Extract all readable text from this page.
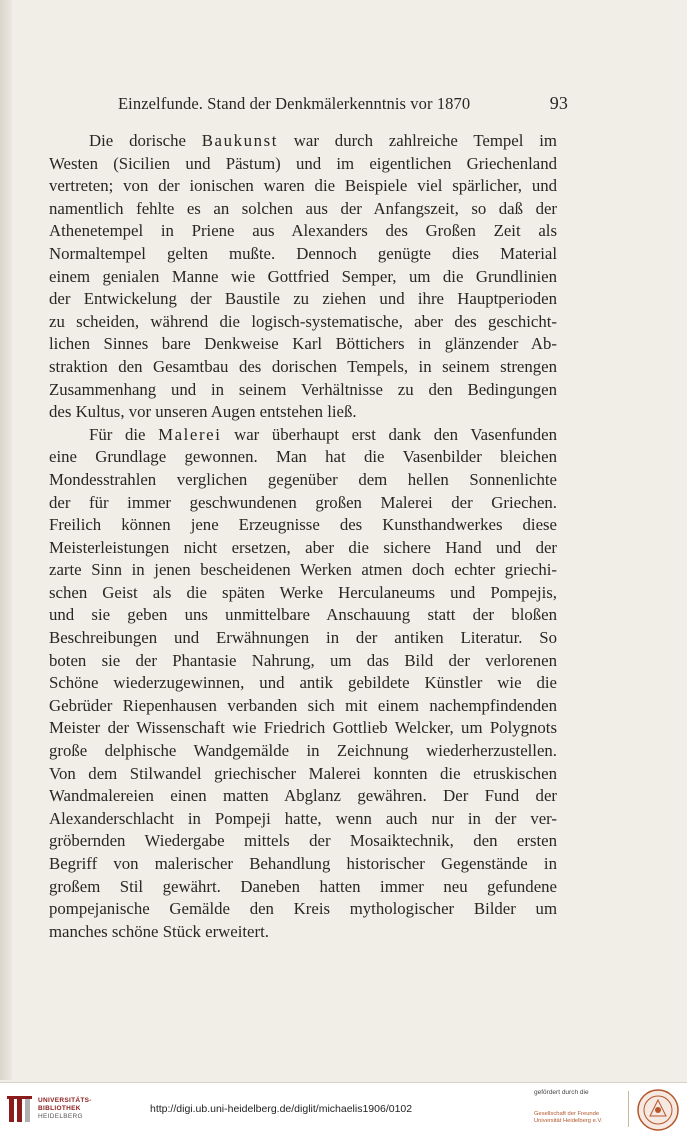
Einzelfunde. Stand der Denkmälerkenntnis vor 1870	93
Die dorische Baukunst war durch zahlreiche Tempel im
Westen (Sicilien und Pästum) und im eigentlichen Griechenland
vertreten; von der ionischen waren die Beispiele viel spärlicher, und
namentlich fehlte es an solchen aus der Anfangszeit, so daß der
Athenetempel in Priene aus Alexanders des Großen Zeit als
Normaltempel gelten mußte. Dennoch genügte dies Material
einem genialen Manne wie Gottfried Semper, um die Grundlinien
der Entwickelung der Baustile zu ziehen und ihre Hauptperioden
zu scheiden, während die logisch-systematische, aber des geschicht-
lichen Sinnes bare Denkweise Karl Böttichers in glänzender Ab-
straktion den Gesamtbau des dorischen Tempels, in seinem strengen
Zusammenhang und in seinem Verhältnisse zu den Bedingungen
des Kultus, vor unseren Augen entstehen ließ.
Für die Malerei war überhaupt erst dank den Vasenfunden
eine Grundlage gewonnen. Man hat die Vasenbilder bleichen
Mondesstrahlen verglichen gegenüber dem hellen Sonnenlichte
der für immer geschwundenen großen Malerei der Griechen.
Freilich können jene Erzeugnisse des Kunsthandwerkes diese
Meisterleistungen nicht ersetzen, aber die sichere Hand und der
zarte Sinn in jenen bescheidenen Werken atmen doch echter griechi-
schen Geist als die späten Werke Herculaneums und Pompejis,
und sie geben uns unmittelbare Anschauung statt der bloßen
Beschreibungen und Erwähnungen in der antiken Literatur. So
boten sie der Phantasie Nahrung, um das Bild der verlorenen
Schöne wiederzugewinnen, und antik gebildete Künstler wie die
Gebrüder Riepenhausen verbanden sich mit einem nachempfindenden
Meister der Wissenschaft wie Friedrich Gottlieb Welcker, um Polygnots
große delphische Wandgemälde in Zeichnung wiederherzustellen.
Von dem Stilwandel griechischer Malerei konnten die etruskischen
Wandmalereien einen matten Abglanz gewähren. Der Fund der
Alexanderschlacht in Pompeji hatte, wenn auch nur in der ver-
gröbernden Wiedergabe mittels der Mosaiktechnik, den ersten
Begriff von malerischer Behandlung historischer Gegenstände in
großem Stil gewährt. Daneben hatten immer neu gefundene
pompejanische Gemälde den Kreis mythologischer Bilder um
manches schöne Stück erweitert.
UNIVERSITÄTS-
BIBLIOTHEK
HEIDELBERG
http://digi.ub.uni-heidelberg.de/diglit/michaelis1906/0102
gefördert durch die
Gesellschaft der Freunde
Universität Heidelberg e.V.
